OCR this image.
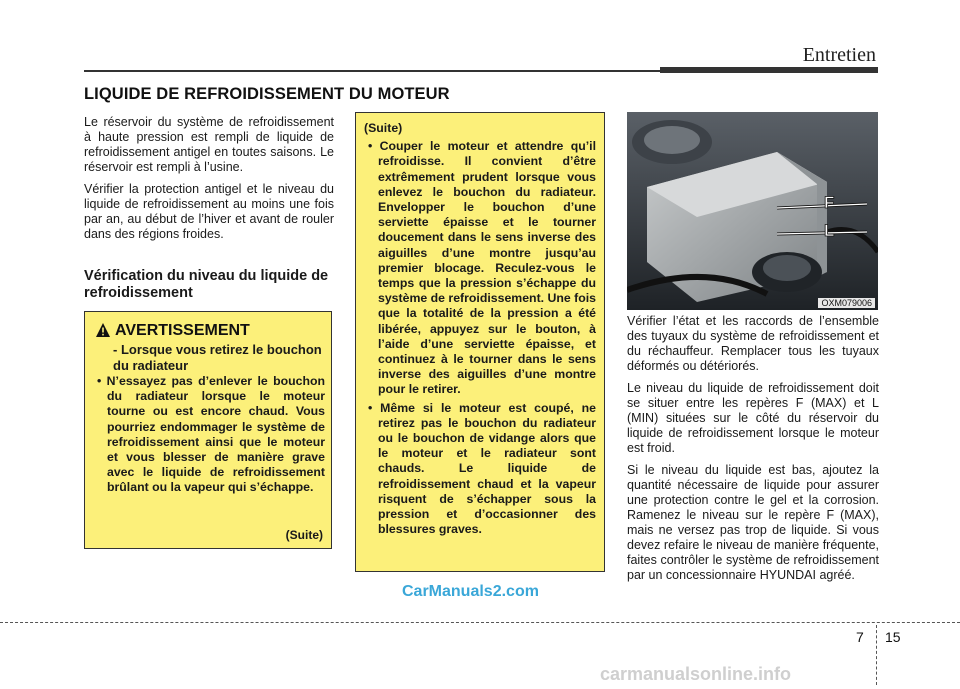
Entretien
LIQUIDE DE REFROIDISSEMENT DU MOTEUR

Le réservoir du système de refroidissement à haute pression est rempli de liquide de refroidissement antigel en toutes saisons. Le réservoir est rempli à l’usine.

Vérifier la protection antigel et le niveau du liquide de refroidissement au moins une fois par an, au début de l’hiver et avant de rouler dans des régions froides.

Vérification du niveau du liquide de refroidissement
AVERTISSEMENT
- Lorsque vous retirez le bouchon du radiateur
• N’essayez pas d’enlever le bouchon du radiateur lorsque le moteur tourne ou est encore chaud. Vous pourriez endommager le système de refroidissement ainsi que le moteur et vous blesser de manière grave avec le liquide de refroidissement brûlant ou la vapeur qui s’échappe.
(Suite)
(Suite)
• Couper le moteur et attendre qu’il refroidisse. Il convient d’être extrêmement prudent lorsque vous enlevez le bouchon du radiateur. Envelopper le bouchon d’une serviette épaisse et le tourner doucement dans le sens inverse des aiguilles d’une montre jusqu’au premier blocage. Reculez-vous le temps que la pression s’échappe du système de refroidissement. Une fois que la totalité de la pression a été libérée, appuyez sur le bouton, à l’aide d’une serviette épaisse, et continuez à le tourner dans le sens inverse des aiguilles d’une montre pour le retirer.
• Même si le moteur est coupé, ne retirez pas le bouchon du radiateur ou le bouchon de vidange alors que le moteur et le radiateur sont chauds. Le liquide de refroidissement chaud et la vapeur risquent de s’échapper sous la pression et d’occasionner des blessures graves.
F
L
OXM079006

Vérifier l’état et les raccords de l’ensemble des tuyaux du système de refroidissement et du réchauffeur. Remplacer tous les tuyaux déformés ou détériorés.

Le niveau du liquide de refroidissement doit se situer entre les repères F (MAX) et L (MIN) situées sur le côté du réservoir du liquide de refroidissement lorsque le moteur est froid.

Si le niveau du liquide est bas, ajoutez la quantité nécessaire de liquide pour assurer une protection contre le gel et la corrosion. Ramenez le niveau sur le repère F (MAX), mais ne versez pas trop de liquide. Si vous devez refaire le niveau de manière fréquente, faites contrôler le système de refroidissement par un concessionnaire HYUNDAI agréé.

CarManuals2.com
7 15
carmanualsonline.info
